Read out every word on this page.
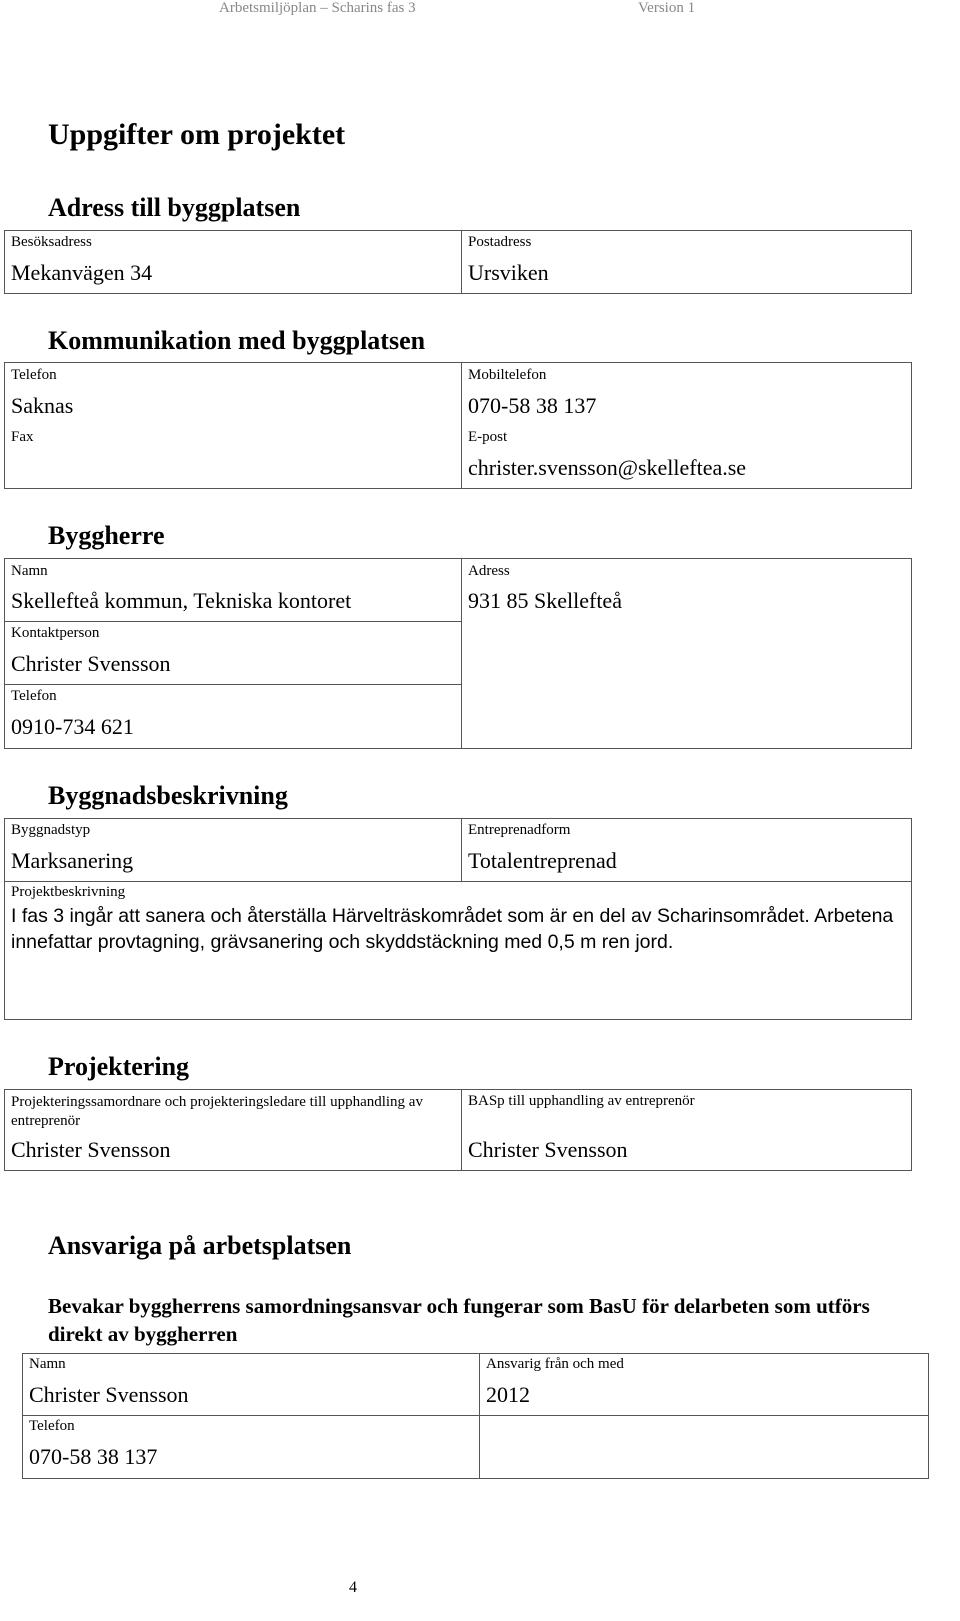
Arbetsmiljöplan – Scharins fas 3	Version 1
Uppgifter om projektet
Adress till byggplatsen
Besöksadress
Mekanvägen 34
Postadress
Ursviken
Kommunikation med byggplatsen
Telefon
Saknas
Mobiltelefon
070-58 38 137
Fax	E-post
christer.svensson@skelleftea.se
Byggherre
Namn
Skellefteå kommun, Tekniska kontoret
Adress
931 85 Skellefteå
Kontaktperson
Christer Svensson
Telefon
0910-734 621
Byggnadsbeskrivning
Byggnadstyp
Marksanering
Entreprenadform
Totalentreprenad
Projektbeskrivning
I fas 3 ingår att sanera och återställa Härvelträskområdet som är en del av Scharinsområdet. Arbetena innefattar provtagning, grävsanering och skyddstäckning med 0,5 m ren jord.
Projektering
Projekteringssamordnare och projekteringsledare till upphandling av entreprenör
Christer Svensson
BASp till upphandling av entreprenör
Christer Svensson
Ansvariga på arbetsplatsen
Bevakar byggherrens samordningsansvar och fungerar som BasU för delarbeten som utförs direkt av byggherren
Namn
Christer Svensson
Ansvarig från och med
2012
Telefon
070-58 38 137
4
